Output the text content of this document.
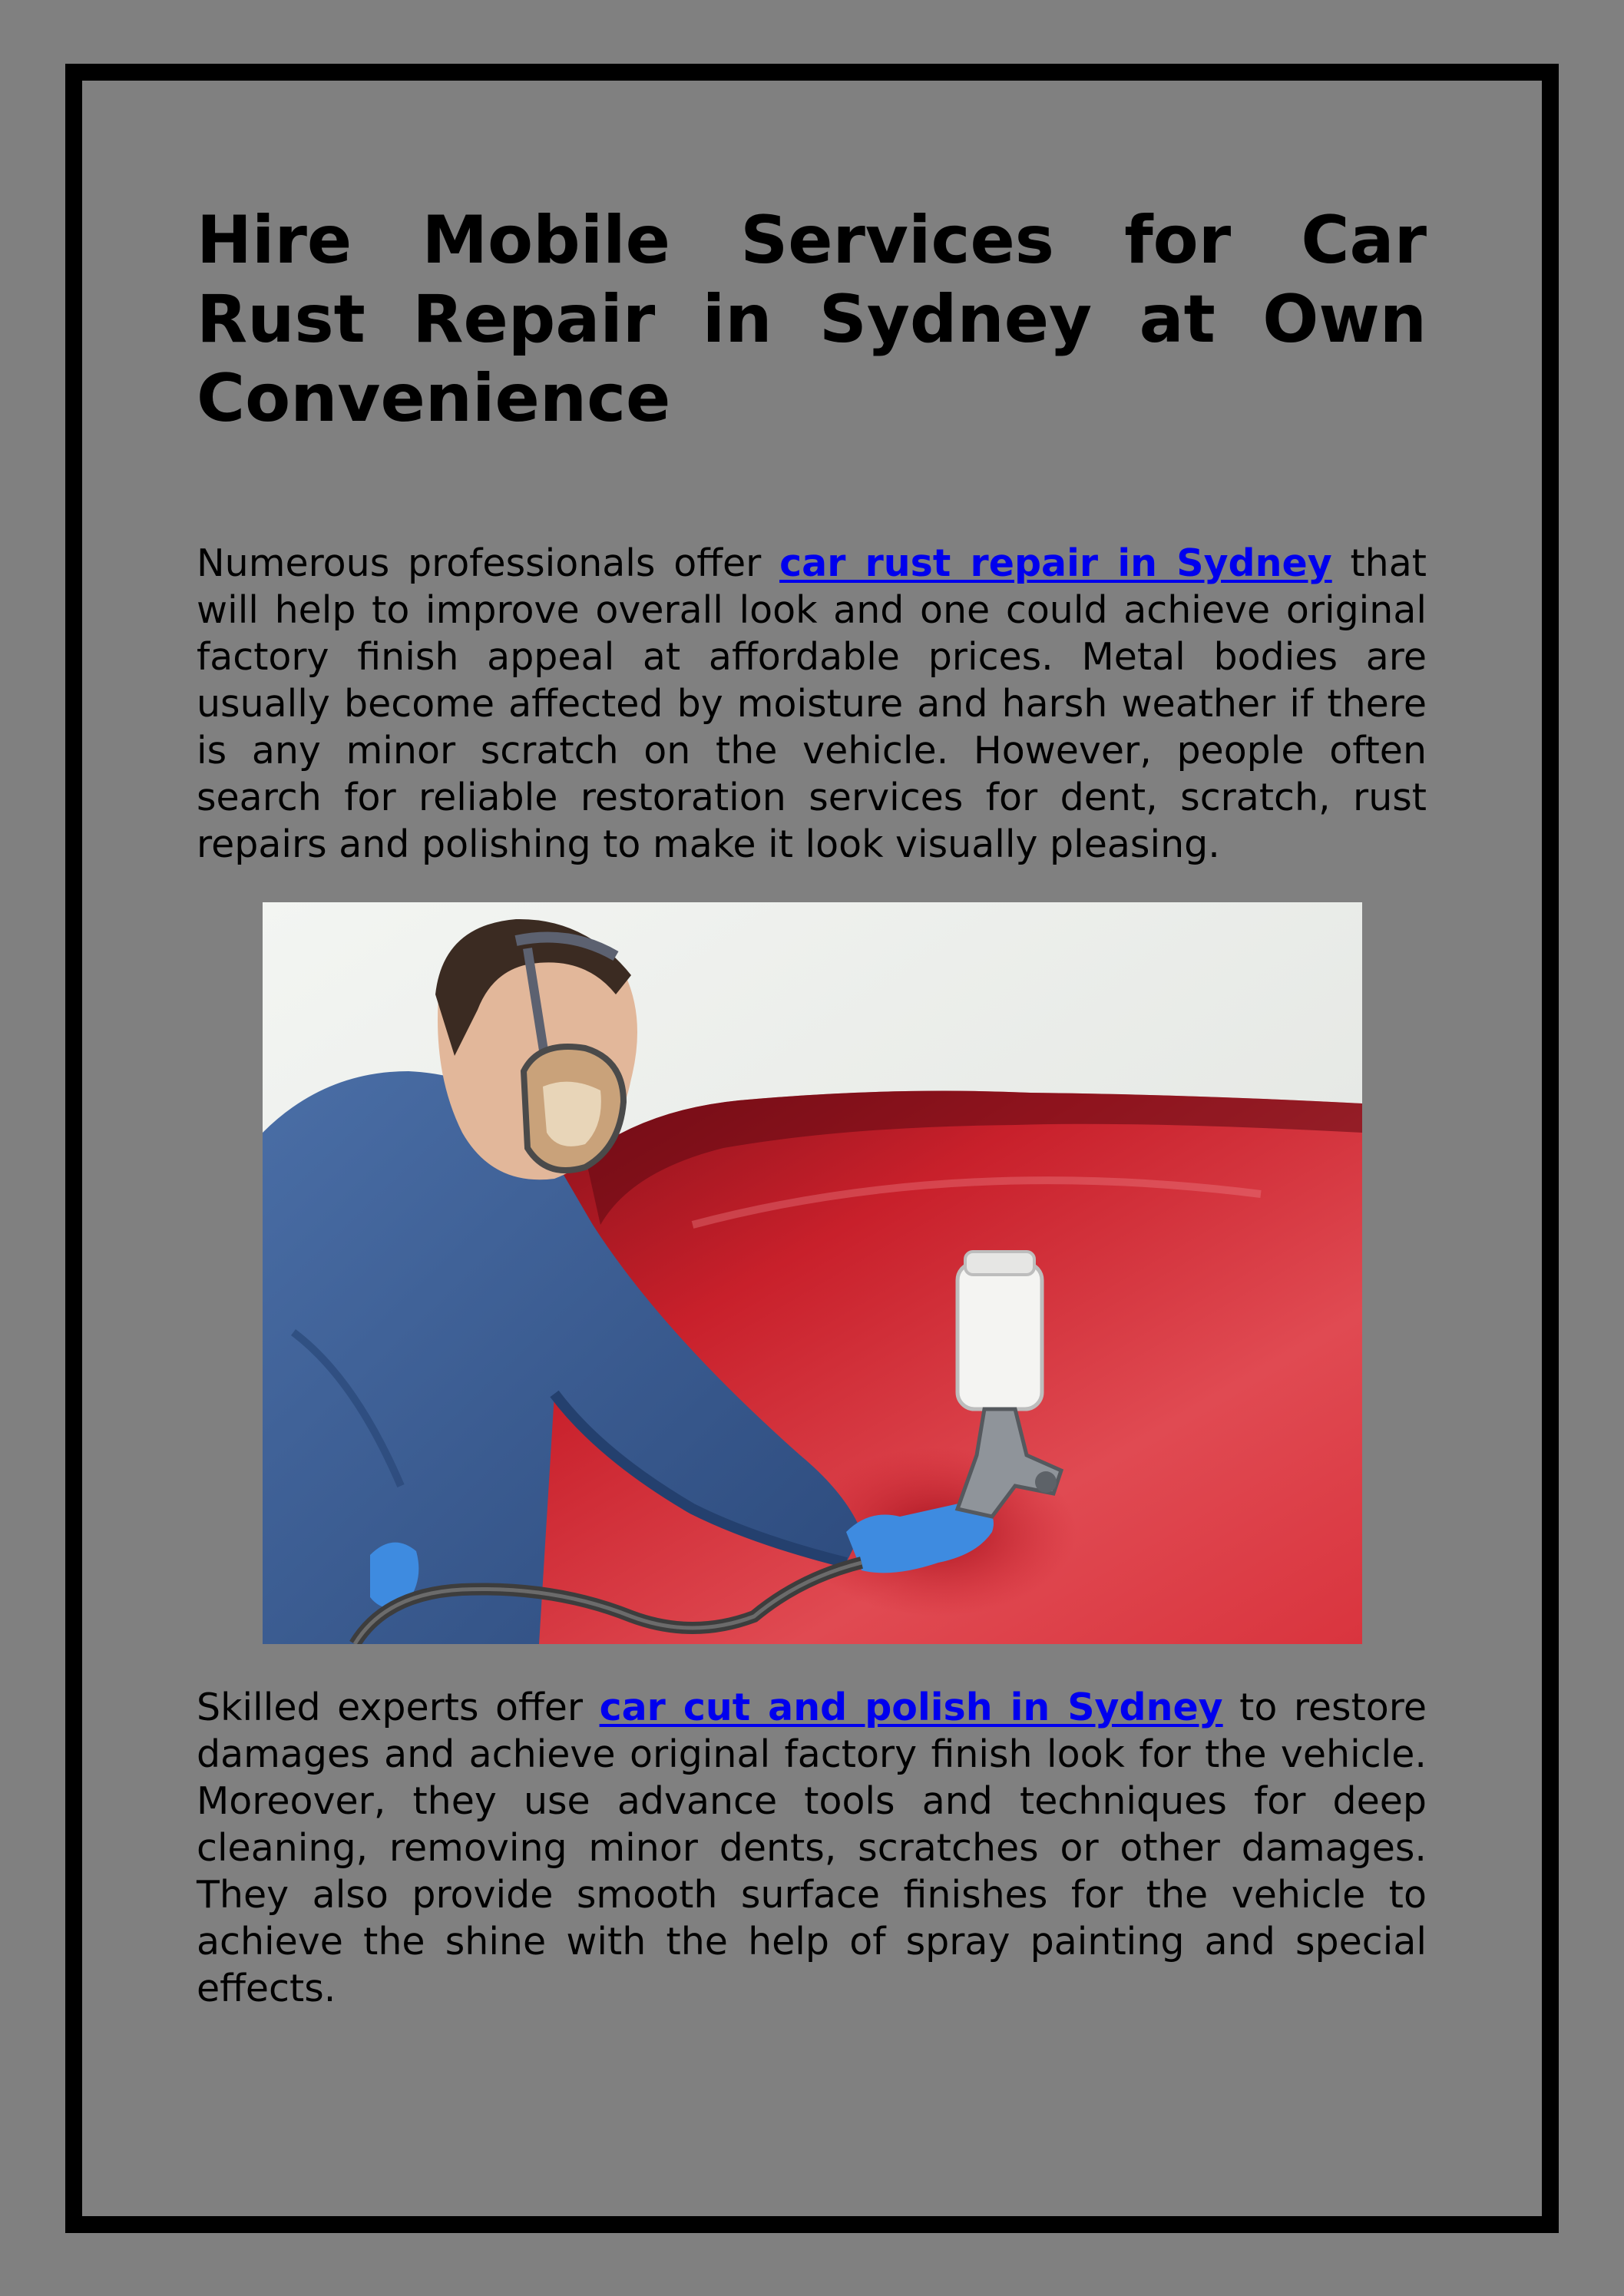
Hire Mobile Services for Car Rust Repair in Sydney at Own Convenience

Numerous professionals offer car rust repair in Sydney that will help to improve overall look and one could achieve original factory finish appeal at affordable prices. Metal bodies are usually become affected by moisture and harsh weather if there is any minor scratch on the vehicle. However, people often search for reliable restoration services for dent, scratch, rust repairs and polishing to make it look visually pleasing.

Skilled experts offer car cut and polish in Sydney to restore damages and achieve original factory finish look for the vehicle. Moreover, they use advance tools and techniques for deep cleaning, removing minor dents, scratches or other damages. They also provide smooth surface finishes for the vehicle to achieve the shine with the help of spray painting and special effects.
